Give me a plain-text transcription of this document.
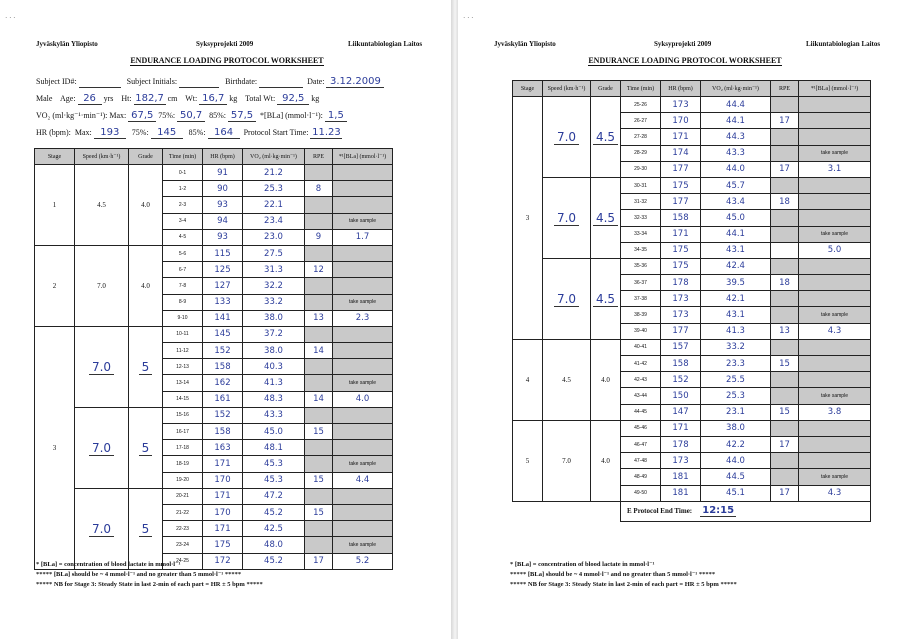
· · ·
Jyväskylän Yliopisto	Syksyprojekti 2009	Liikuntabiologian Laitos
ENDURANCE LOADING PROTOCOL WORKSHEET
Subject ID#:	Subject Initials:	Birthdate:	Date: 3.12.2009
Male Age: 26 yrs Ht: 182,7 cm Wt: 16,7 kg Total Wt: 92,5 kg
VO₂ (ml·kg⁻¹·min⁻¹): Max: 67,5 75%: 50,7 85%: 57,5 *[BLa] (mmol·l⁻¹): 1,5
HR (bpm): Max: 193 75%: 145 85%: 164 Protocol Start Time: 11.23
Stage	Speed (km·h⁻¹)	Grade	Time (min)	HR (bpm)	VO₂ (ml·kg·min⁻¹)	RPE	*¹[BLa] (mmol·l⁻¹)
1	4.5	4.0	0-1	91	21.2		
			1-2	90	25.3	8	
			2-3	93	22.1		
			3-4	94	23.4		take sample
			4-5	93	23.0	9	1.7
2	7.0	4.0	5-6	115	27.5		
			6-7	125	31.3	12	
			7-8	127	32.2		
			8-9	133	33.2		take sample
			9-10	141	38.0	13	2.3
3	7.0	5	10-11	145	37.2		
			11-12	152	38.0	14	
			12-13	158	40.3		
			13-14	162	41.3		take sample
			14-15	161	48.3	14	4.0
	7.0	5	15-16	152	43.3		
			16-17	158	45.0	15	
			17-18	163	48.1		
			18-19	171	45.3		take sample
			19-20	170	45.3	15	4.4
	7.0	5	20-21	171	47.2		
			21-22	170	45.2	15	
			22-23	171	42.5		
			23-24	175	48.0		take sample
			24-25	172	45.2	17	5.2
* [BLa] = concentration of blood lactate in mmol·l⁻¹
***** [BLa] should be ~ 4 mmol·l⁻¹ and no greater than 5 mmol·l⁻¹ *****
***** NB for Stage 3: Steady State in last 2-min of each part = HR ± 5 bpm *****
· · ·
Jyväskylän Yliopisto	Syksyprojekti 2009	Liikuntabiologian Laitos
ENDURANCE LOADING PROTOCOL WORKSHEET
Stage	Speed (km·h⁻¹)	Grade	Time (min)	HR (bpm)	VO₂ (ml·kg·min⁻¹)	RPE	*¹[BLa] (mmol·l⁻¹)
3	7.0	4.5	25-26	173	44.4		
			26-27	170	44.1	17	
			27-28	171	44.3		
			28-29	174	43.3		take sample
			29-30	177	44.0	17	3.1
	7.0	4.5	30-31	175	45.7		
			31-32	177	43.4	18	
			32-33	158	45.0		
			33-34	171	44.1		take sample
			34-35	175	43.1		5.0
	7.0	4.5	35-36	175	42.4		
			36-37	178	39.5	18	
			37-38	173	42.1		
			38-39	173	43.1		take sample
			39-40	177	41.3	13	4.3
4	4.5	4.0	40-41	157	33.2		
			41-42	158	23.3	15	
			42-43	152	25.5		
			43-44	150	25.3		take sample
			44-45	147	23.1	15	3.8
5	7.0	4.0	45-46	171	38.0		
			46-47	178	42.2	17	
			47-48	173	44.0		
			48-49	181	44.5		take sample
			49-50	181	45.1	17	4.3
			E Protocol End Time: 12:15				
* [BLa] = concentration of blood lactate in mmol·l⁻¹
***** [BLa] should be ~ 4 mmol·l⁻¹ and no greater than 5 mmol·l⁻¹ *****
***** NB for Stage 3: Steady State in last 2-min of each part = HR ± 5 bpm *****
